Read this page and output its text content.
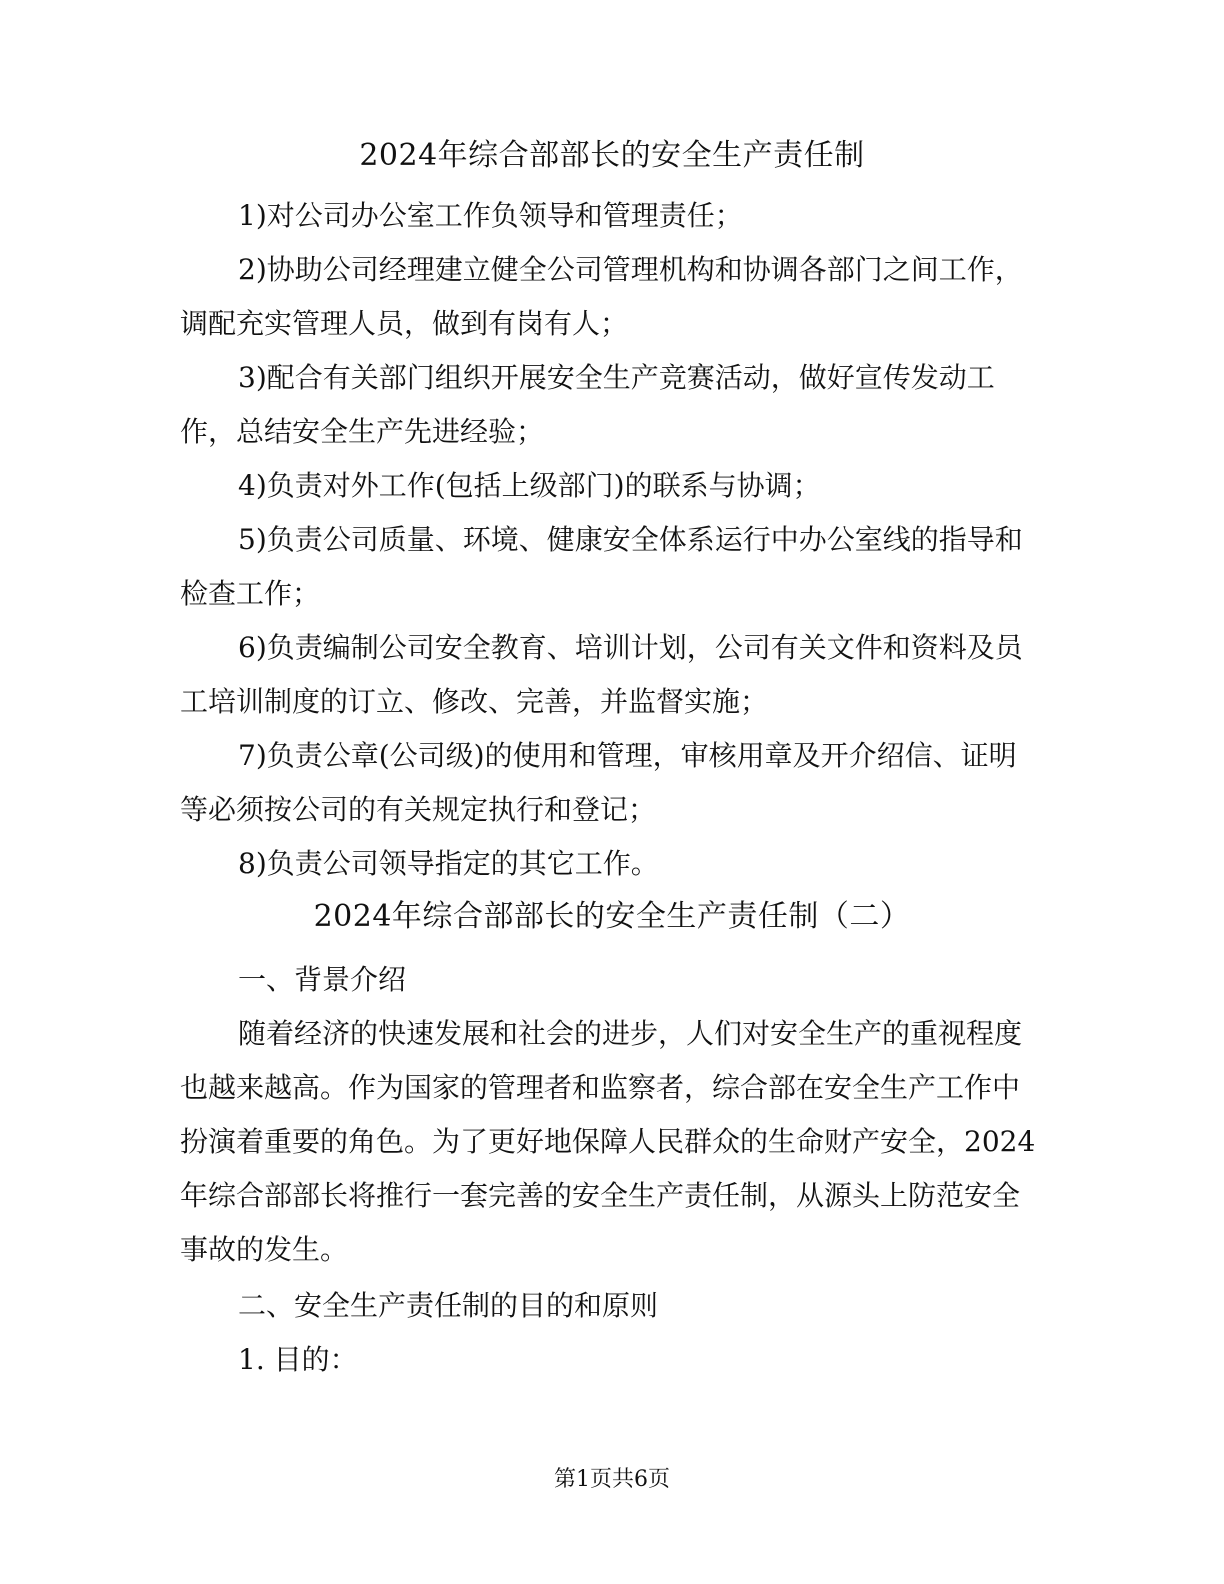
2024年综合部部长的安全生产责任制
1)对公司办公室工作负领导和管理责任；
2)协助公司经理建立健全公司管理机构和协调各部门之间工作，
调配充实管理人员，做到有岗有人；
3)配合有关部门组织开展安全生产竞赛活动，做好宣传发动工
作，总结安全生产先进经验；
4)负责对外工作(包括上级部门)的联系与协调；
5)负责公司质量、环境、健康安全体系运行中办公室线的指导和
检查工作；
6)负责编制公司安全教育、培训计划，公司有关文件和资料及员
工培训制度的订立、修改、完善，并监督实施；
7)负责公章(公司级)的使用和管理，审核用章及开介绍信、证明
等必须按公司的有关规定执行和登记；
8)负责公司领导指定的其它工作。
2024年综合部部长的安全生产责任制（二）
一、背景介绍
随着经济的快速发展和社会的进步，人们对安全生产的重视程度
也越来越高。作为国家的管理者和监察者，综合部在安全生产工作中
扮演着重要的角色。为了更好地保障人民群众的生命财产安全，2024
年综合部部长将推行一套完善的安全生产责任制，从源头上防范安全
事故的发生。
二、安全生产责任制的目的和原则
1. 目的：
第1页共6页
